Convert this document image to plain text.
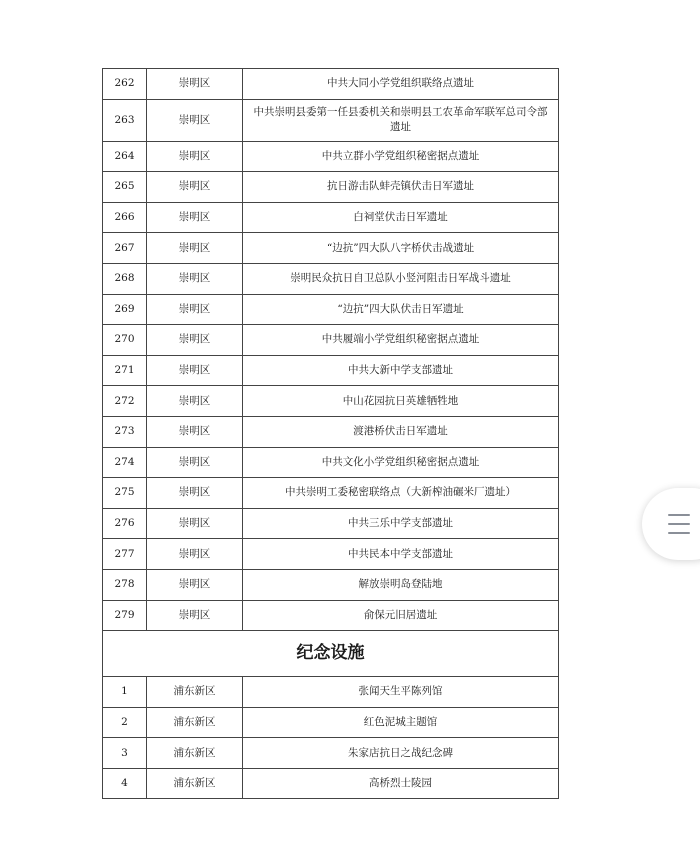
262	崇明区	中共大同小学党组织联络点遗址
263	崇明区	中共崇明县委第一任县委机关和崇明县工农革命军联军总司令部遗址
264	崇明区	中共立群小学党组织秘密据点遗址
265	崇明区	抗日游击队蚌壳镇伏击日军遗址
266	崇明区	白祠堂伏击日军遗址
267	崇明区	“边抗”四大队八字桥伏击战遗址
268	崇明区	崇明民众抗日自卫总队小竖河阻击日军战斗遗址
269	崇明区	“边抗”四大队伏击日军遗址
270	崇明区	中共履端小学党组织秘密据点遗址
271	崇明区	中共大新中学支部遗址
272	崇明区	中山花园抗日英雄牺牲地
273	崇明区	渡港桥伏击日军遗址
274	崇明区	中共文化小学党组织秘密据点遗址
275	崇明区	中共崇明工委秘密联络点（大新榨油碾米厂遗址）
276	崇明区	中共三乐中学支部遗址
277	崇明区	中共民本中学支部遗址
278	崇明区	解放崇明岛登陆地
279	崇明区	俞保元旧居遗址
纪念设施		
1	浦东新区	张闻天生平陈列馆
2	浦东新区	红色泥城主题馆
3	浦东新区	朱家店抗日之战纪念碑
4	浦东新区	高桥烈士陵园
